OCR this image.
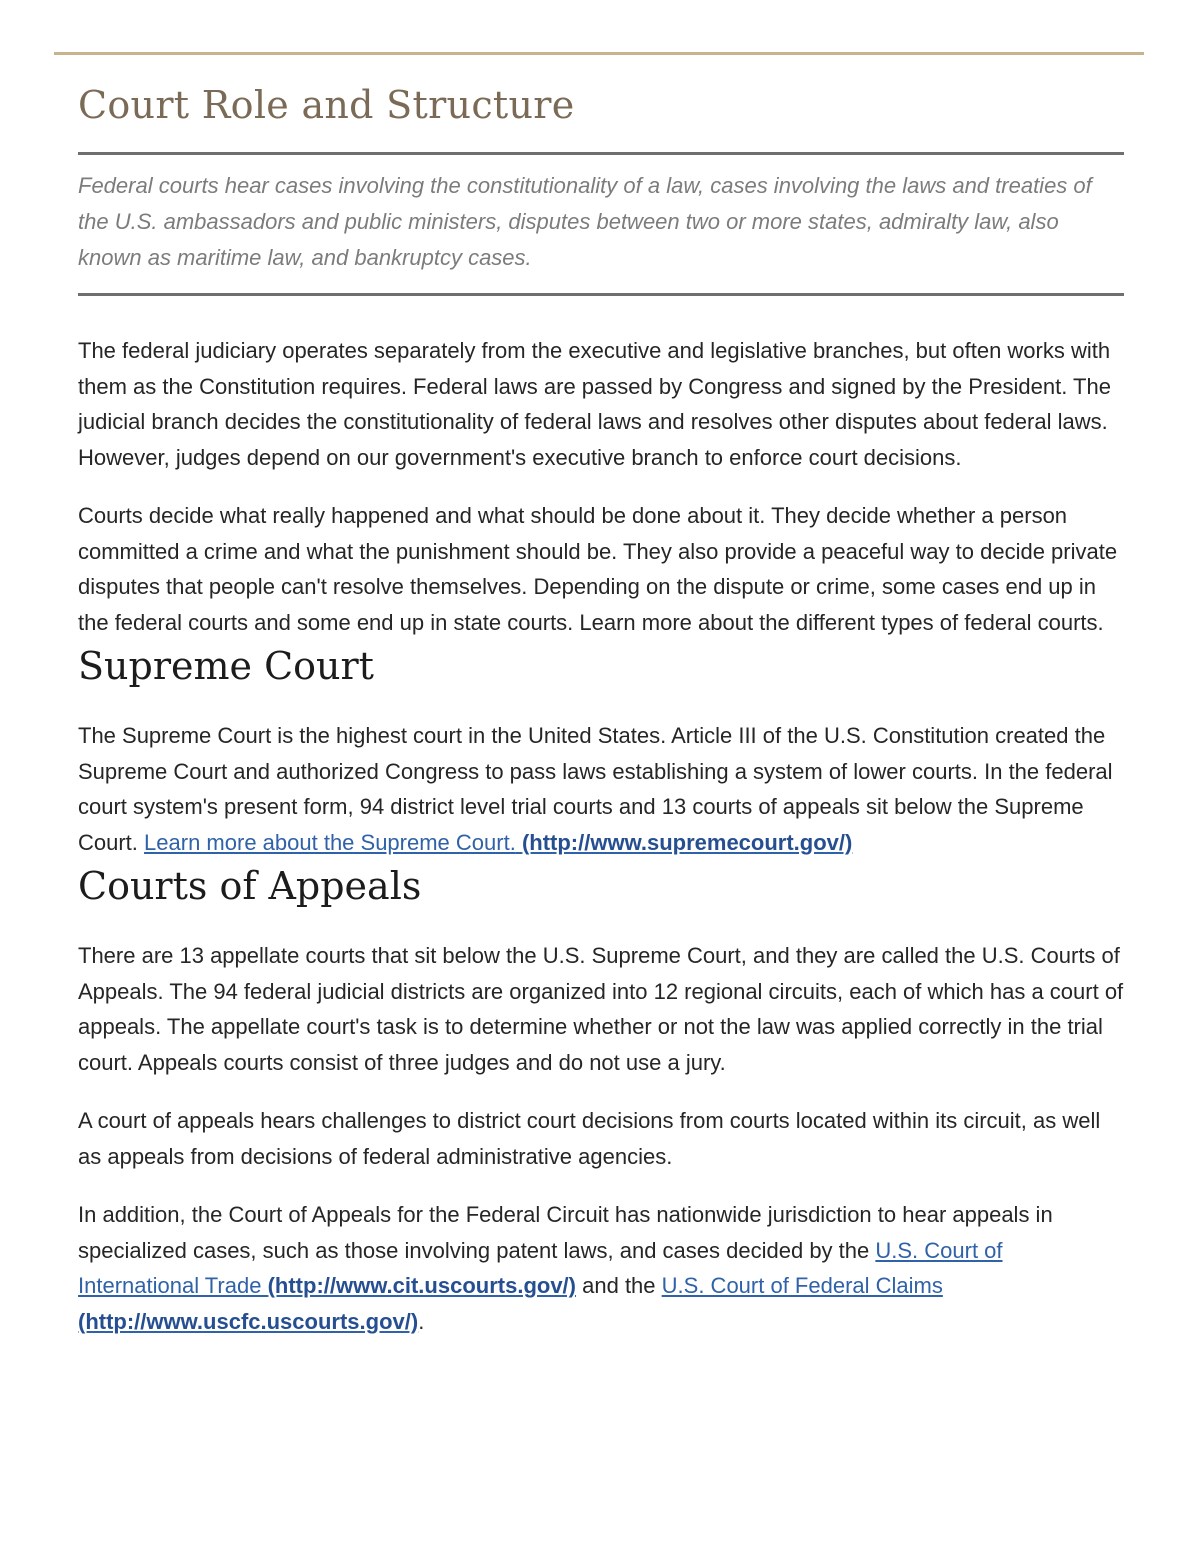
Court Role and Structure

Federal courts hear cases involving the constitutionality of a law, cases involving the laws and treaties of the U.S. ambassadors and public ministers, disputes between two or more states, admiralty law, also known as maritime law, and bankruptcy cases.

The federal judiciary operates separately from the executive and legislative branches, but often works with them as the Constitution requires. Federal laws are passed by Congress and signed by the President. The judicial branch decides the constitutionality of federal laws and resolves other disputes about federal laws. However, judges depend on our government's executive branch to enforce court decisions.

Courts decide what really happened and what should be done about it. They decide whether a person committed a crime and what the punishment should be. They also provide a peaceful way to decide private disputes that people can't resolve themselves. Depending on the dispute or crime, some cases end up in the federal courts and some end up in state courts. Learn more about the different types of federal courts.

Supreme Court

The Supreme Court is the highest court in the United States. Article III of the U.S. Constitution created the Supreme Court and authorized Congress to pass laws establishing a system of lower courts. In the federal court system's present form, 94 district level trial courts and 13 courts of appeals sit below the Supreme Court. Learn more about the Supreme Court. (http://www.supremecourt.gov/)

Courts of Appeals

There are 13 appellate courts that sit below the U.S. Supreme Court, and they are called the U.S. Courts of Appeals. The 94 federal judicial districts are organized into 12 regional circuits, each of which has a court of appeals. The appellate court's task is to determine whether or not the law was applied correctly in the trial court. Appeals courts consist of three judges and do not use a jury.

A court of appeals hears challenges to district court decisions from courts located within its circuit, as well as appeals from decisions of federal administrative agencies.

In addition, the Court of Appeals for the Federal Circuit has nationwide jurisdiction to hear appeals in specialized cases, such as those involving patent laws, and cases decided by the U.S. Court of International Trade (http://www.cit.uscourts.gov/) and the U.S. Court of Federal Claims (http://www.uscfc.uscourts.gov/).
